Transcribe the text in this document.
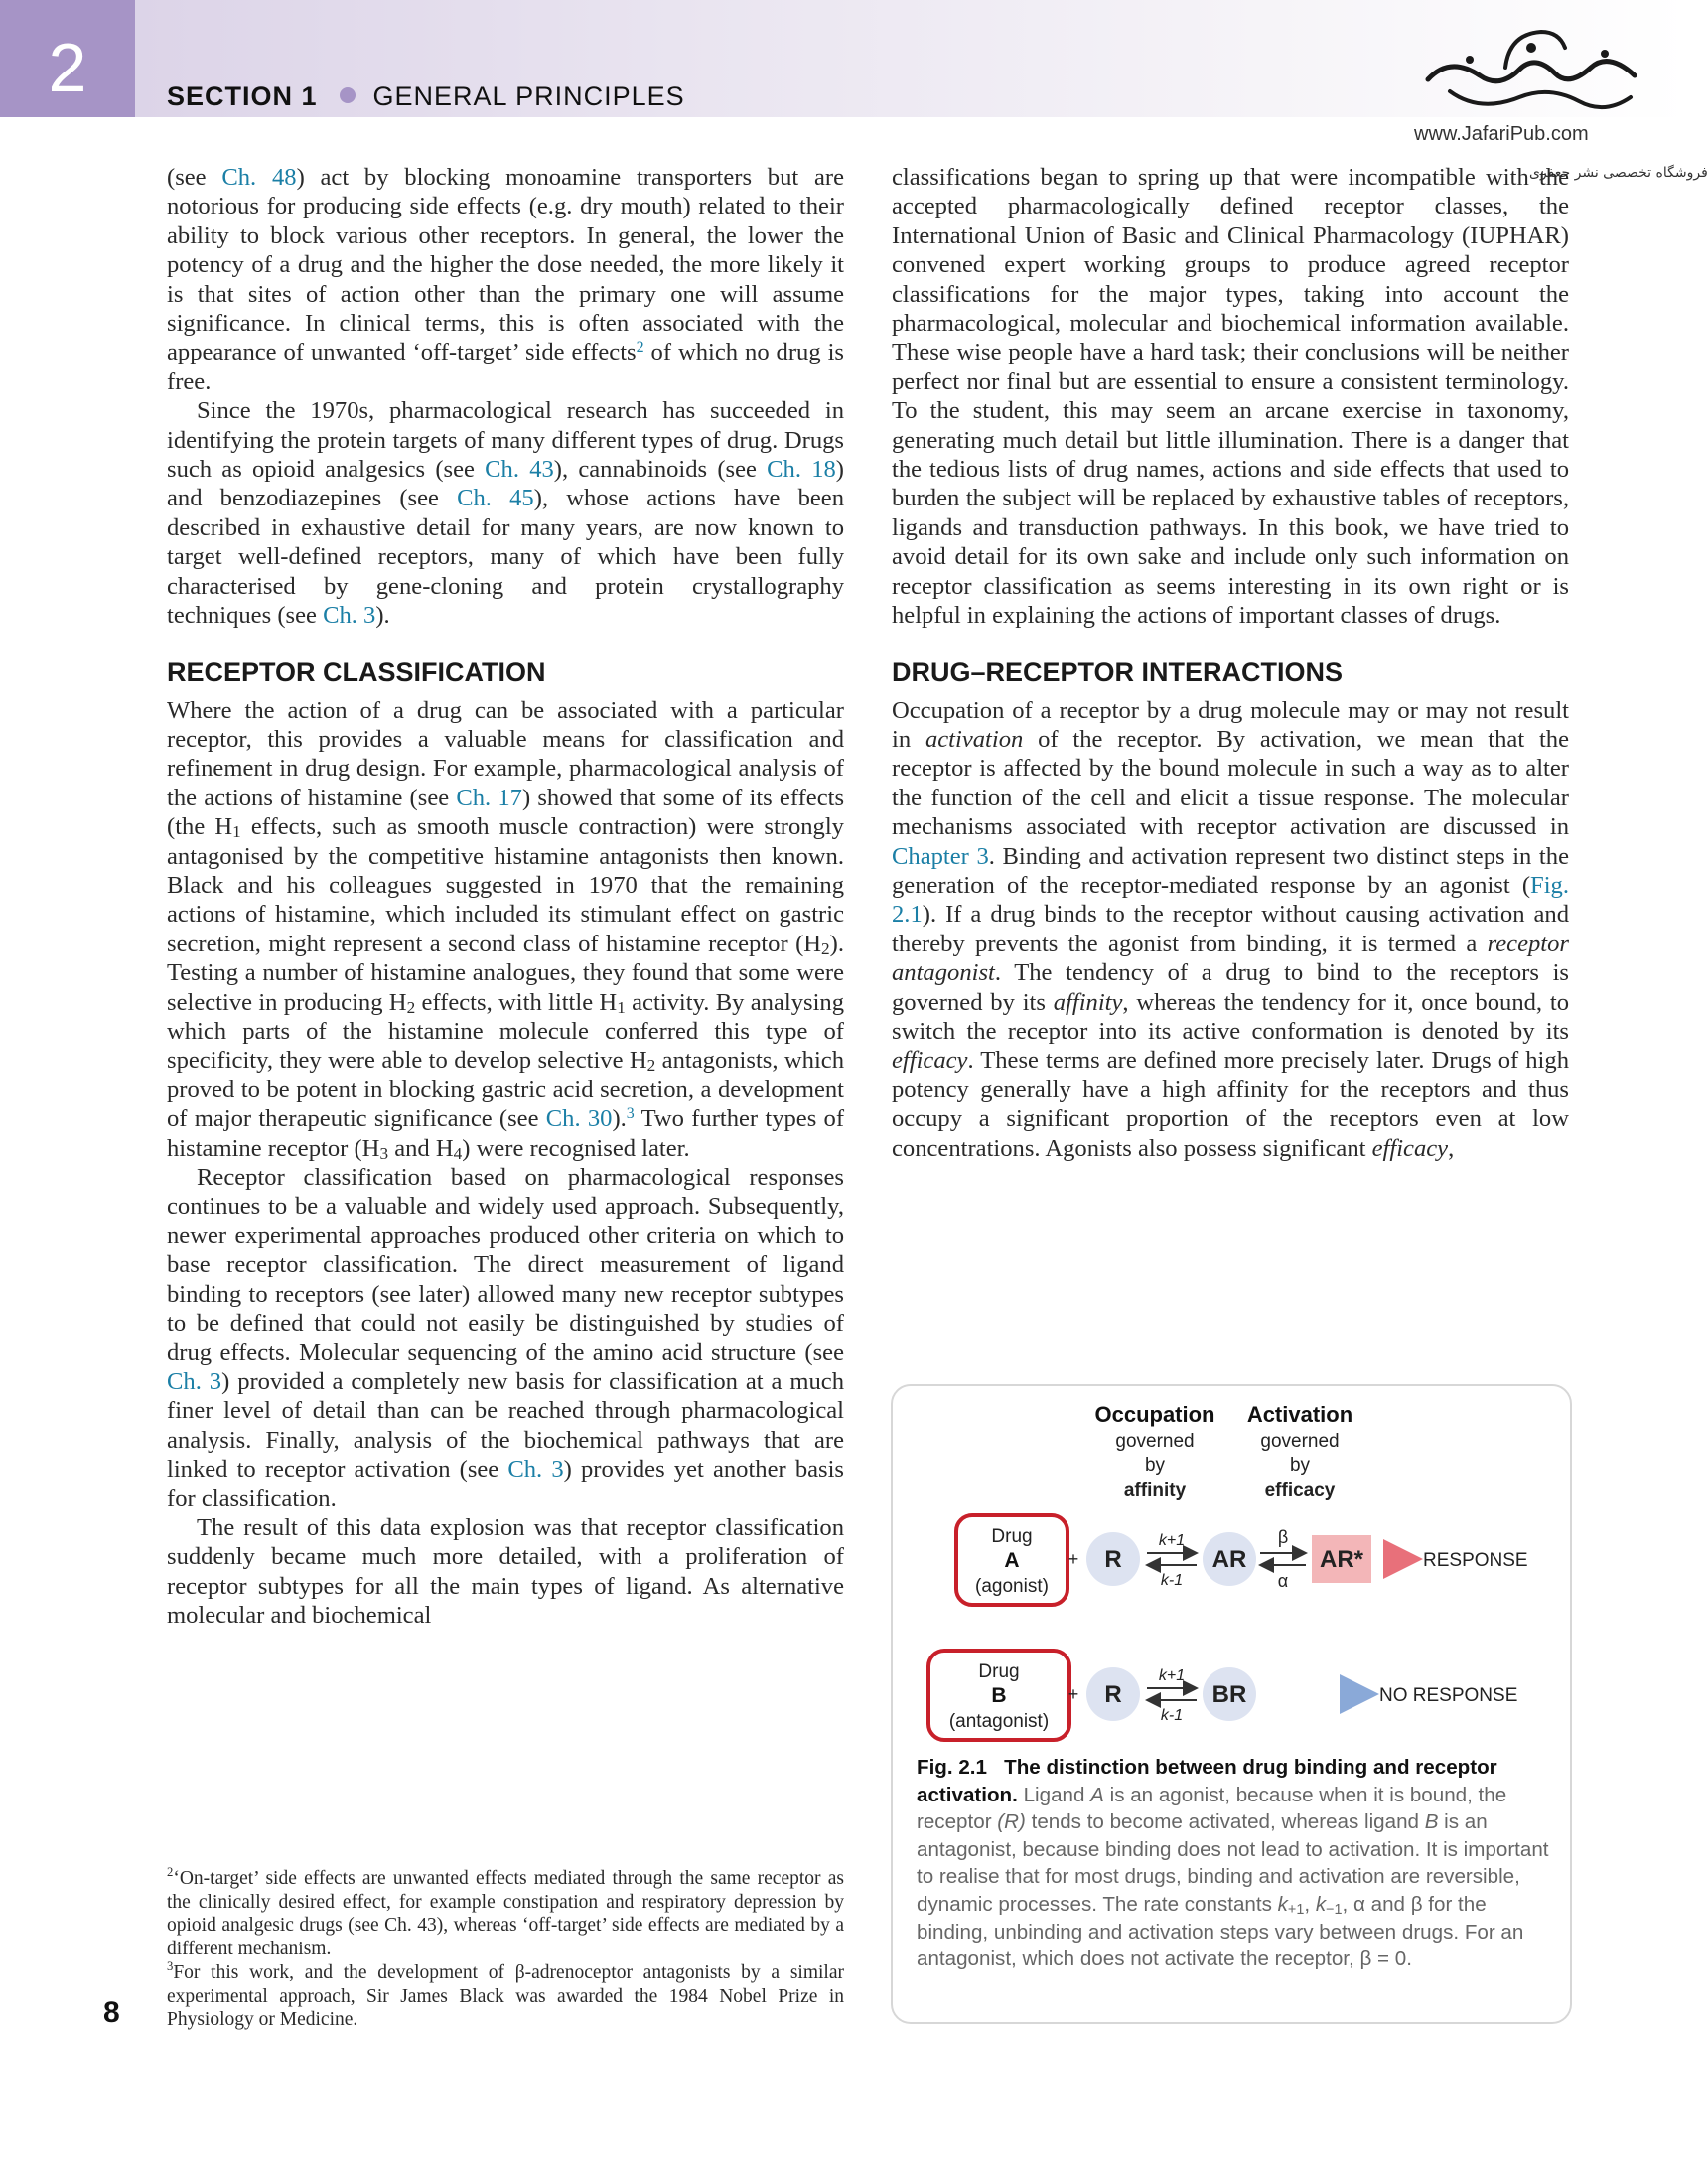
2	SECTION 1 GENERAL PRINCIPLES
www.JafariPub.com
فروشگاه تخصصی نشر جعفری

(see Ch. 48) act by blocking monoamine transporters but are notorious for producing side effects (e.g. dry mouth) related to their ability to block various other receptors. In general, the lower the potency of a drug and the higher the dose needed, the more likely it is that sites of action other than the primary one will assume significance. In clinical terms, this is often associated with the appearance of unwanted ‘off-target’ side effects$^2$ of which no drug is free.

Since the 1970s, pharmacological research has succeeded in identifying the protein targets of many different types of drug. Drugs such as opioid analgesics (see Ch. 43), cannabinoids (see Ch. 18) and benzodiazepines (see Ch. 45), whose actions have been described in exhaustive detail for many years, are now known to target well-defined receptors, many of which have been fully characterised by gene-cloning and protein crystallography techniques (see Ch. 3).

RECEPTOR CLASSIFICATION

Where the action of a drug can be associated with a particular receptor, this provides a valuable means for classification and refinement in drug design. For example, pharmacological analysis of the actions of histamine (see Ch. 17) showed that some of its effects (the $H_1$ effects, such as smooth muscle contraction) were strongly antagonised by the competitive histamine antagonists then known. Black and his colleagues suggested in 1970 that the remaining actions of histamine, which included its stimulant effect on gastric secretion, might represent a second class of histamine receptor $(H_2)$. Testing a number of histamine analogues, they found that some were selective in producing $H_2$ effects, with little $H_1$ activity. By analysing which parts of the histamine molecule conferred this type of specificity, they were able to develop selective $H_2$ antagonists, which proved to be potent in blocking gastric acid secretion, a development of major therapeutic significance (see Ch. 30).$^3$ Two further types of histamine receptor ($H_3$ and $H_4$) were recognised later.

Receptor classification based on pharmacological responses continues to be a valuable and widely used approach. Subsequently, newer experimental approaches produced other criteria on which to base receptor classification. The direct measurement of ligand binding to receptors (see later) allowed many new receptor subtypes to be defined that could not easily be distinguished by studies of drug effects. Molecular sequencing of the amino acid structure (see Ch. 3) provided a completely new basis for classification at a much finer level of detail than can be reached through pharmacological analysis. Finally, analysis of the biochemical pathways that are linked to receptor activation (see Ch. 3) provides yet another basis for classification.

The result of this data explosion was that receptor classification suddenly became much more detailed, with a proliferation of receptor subtypes for all the main types of ligand. As alternative molecular and biochemical

classifications began to spring up that were incompatible with the accepted pharmacologically defined receptor classes, the International Union of Basic and Clinical Pharmacology (IUPHAR) convened expert working groups to produce agreed receptor classifications for the major types, taking into account the pharmacological, molecular and biochemical information available. These wise people have a hard task; their conclusions will be neither perfect nor final but are essential to ensure a consistent terminology. To the student, this may seem an arcane exercise in taxonomy, generating much detail but little illumination. There is a danger that the tedious lists of drug names, actions and side effects that used to burden the subject will be replaced by exhaustive tables of receptors, ligands and transduction pathways. In this book, we have tried to avoid detail for its own sake and include only such information on receptor classification as seems interesting in its own right or is helpful in explaining the actions of important classes of drugs.

DRUG–RECEPTOR INTERACTIONS

Occupation of a receptor by a drug molecule may or may not result in activation of the receptor. By activation, we mean that the receptor is affected by the bound molecule in such a way as to alter the function of the cell and elicit a tissue response. The molecular mechanisms associated with receptor activation are discussed in Chapter 3. Binding and activation represent two distinct steps in the generation of the receptor-mediated response by an agonist (Fig. 2.1). If a drug binds to the receptor without causing activation and thereby prevents the agonist from binding, it is termed a receptor antagonist. The tendency of a drug to bind to the receptors is governed by its affinity, whereas the tendency for it, once bound, to switch the receptor into its active conformation is denoted by its efficacy. These terms are defined more precisely later. Drugs of high potency generally have a high affinity for the receptors and thus occupy a significant proportion of the receptors even at low concentrations. Agonists also possess significant efficacy,

Occupation
governed
by
affinity
Activation
governed
by
efficacy
Drug
A
(agonist)
+ R
k+1
k-1
AR
β
α
AR*	RESPONSE
Drug
B
(antagonist)
+ R
k+1
k-1
BR	NO RESPONSE
Fig. 2.1 The distinction between drug binding and receptor activation. Ligand A is an agonist, because when it is bound, the receptor (R) tends to become activated, whereas ligand B is an antagonist, because binding does not lead to activation. It is important to realise that for most drugs, binding and activation are reversible, dynamic processes. The rate constants $k_{+1}$, $k_{-1}$, α and β for the binding, unbinding and activation steps vary between drugs. For an antagonist, which does not activate the receptor, β = 0.

$^2$‘On-target’ side effects are unwanted effects mediated through the same receptor as the clinically desired effect, for example constipation and respiratory depression by opioid analgesic drugs (see Ch. 43), whereas ‘off-target’ side effects are mediated by a different mechanism.

$^3$For this work, and the development of β-adrenoceptor antagonists by a similar experimental approach, Sir James Black was awarded the 1984 Nobel Prize in Physiology or Medicine.

8
